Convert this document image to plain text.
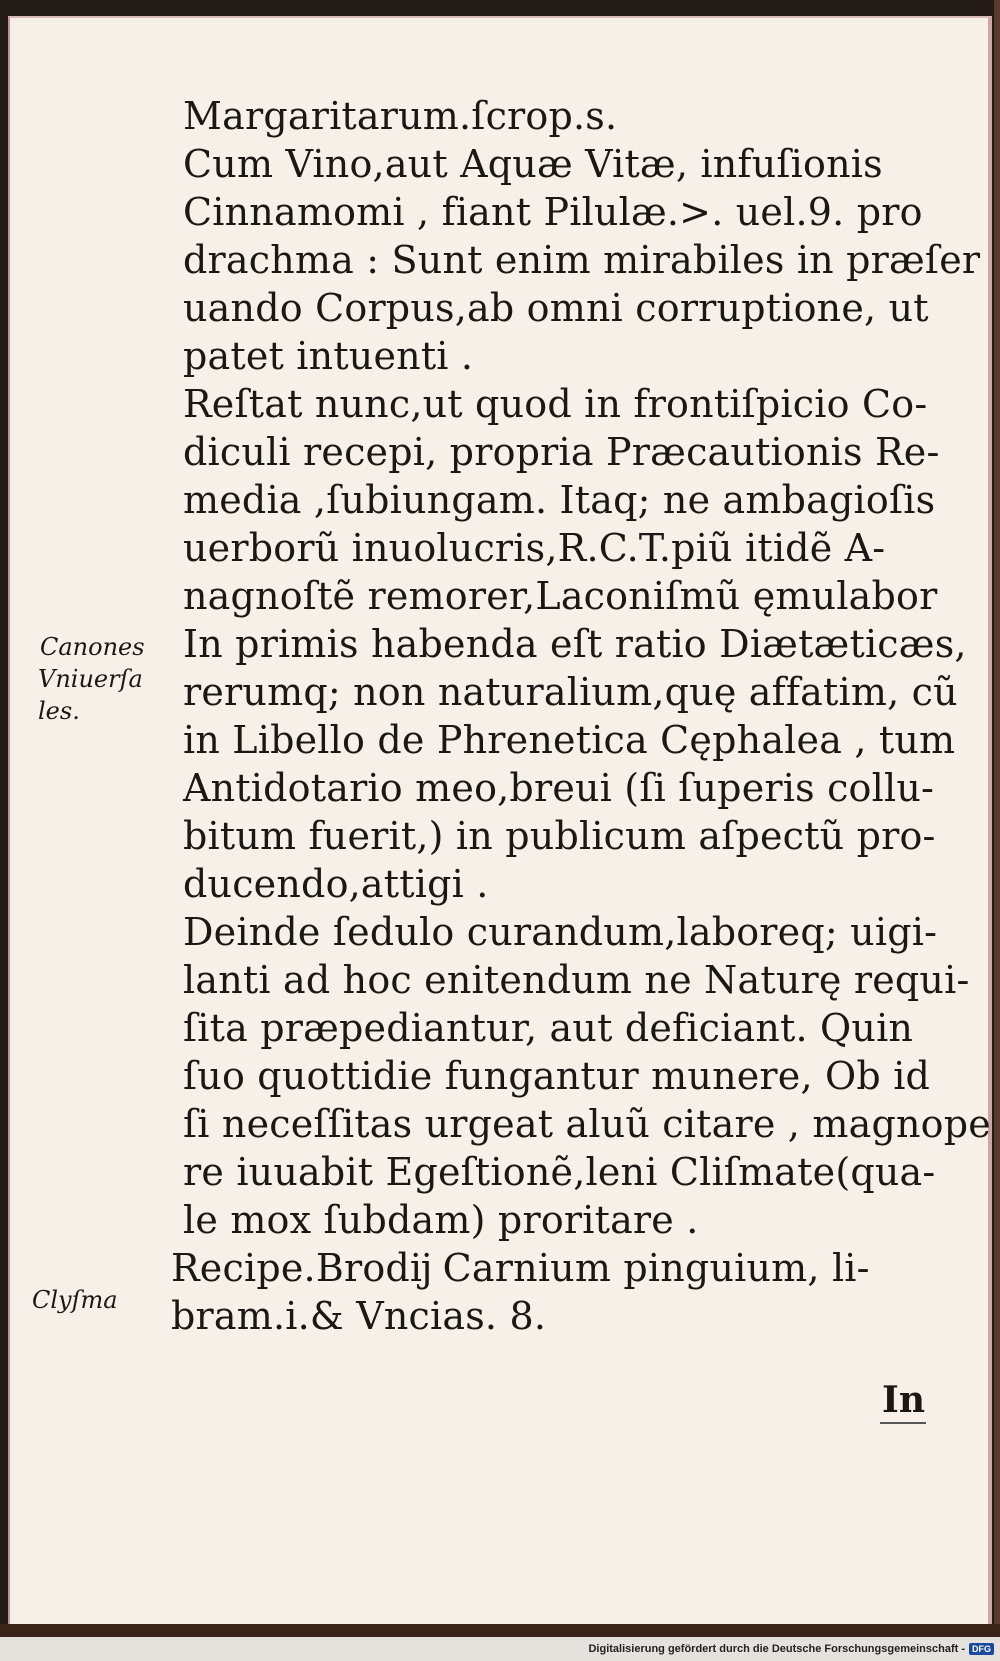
Margaritarum.ſcrop.s.
Cum Vino,aut Aquæ Vitæ, infuſionis
Cinnamomi , fiant Pilulæ.>. uel.9. pro
drachma : Sunt enim mirabiles in præſer
uando Corpus,ab omni corruptione, ut
patet intuenti .
Reſtat nunc,ut quod in frontiſpicio Co-
diculi recepi, propria Præcautionis Re-
media ,ſubiungam. Itaq; ne ambagioſis
uerborũ inuolucris,R.C.T.piũ itidẽ A-
nagnoſtẽ remorer,Laconiſmũ ęmulabor
In primis habenda eſt ratio Diætæticæs,
rerumq; non naturalium,quę affatim, cũ
in Libello de Phrenetica Cęphalea , tum
Antidotario meo,breui (ſi ſuperis collu-
bitum fuerit,) in publicum aſpectũ pro-
ducendo,attigi .
Deinde ſedulo curandum,laboreq; uigi-
lanti ad hoc enitendum ne Naturę requi-
ſita præpediantur, aut deficiant. Quin
ſuo quottidie fungantur munere, Ob id
ſi neceſſitas urgeat aluũ citare , magnope
re iuuabit Egeſtionẽ,leni Cliſmate(qua-
le mox ſubdam) proritare .
Recipe.Brodĳ Carnium pinguium, li-
bram.i.& Vncias. 8.
In
Canones
Vniuerſa
les.
Clyſma
Digitalisierung gefördert durch die Deutsche Forschungsgemeinschaft - DFG
